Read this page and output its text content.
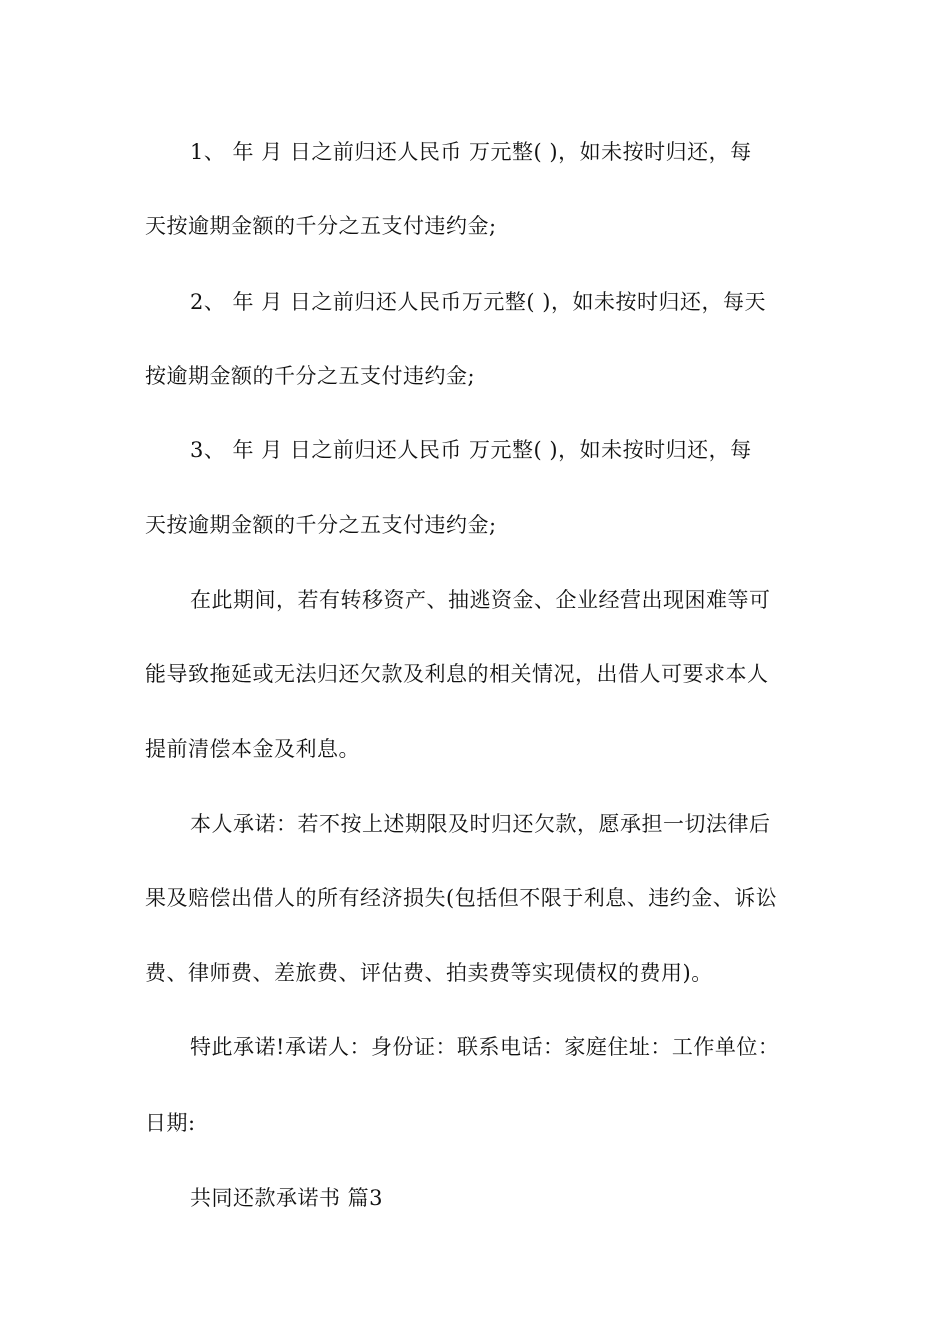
1、 年 月 日之前归还人民币 万元整( )，如未按时归还，每
天按逾期金额的千分之五支付违约金;
2、 年 月 日之前归还人民币万元整( )，如未按时归还，每天
按逾期金额的千分之五支付违约金;
3、 年 月 日之前归还人民币 万元整( )，如未按时归还，每
天按逾期金额的千分之五支付违约金;
在此期间，若有转移资产、抽逃资金、企业经营出现困难等可
能导致拖延或无法归还欠款及利息的相关情况，出借人可要求本人
提前清偿本金及利息。
本人承诺：若不按上述期限及时归还欠款，愿承担一切法律后
果及赔偿出借人的所有经济损失(包括但不限于利息、违约金、诉讼
费、律师费、差旅费、评估费、拍卖费等实现债权的费用)。
特此承诺!承诺人：身份证：联系电话：家庭住址：工作单位：
日期:
共同还款承诺书 篇3
